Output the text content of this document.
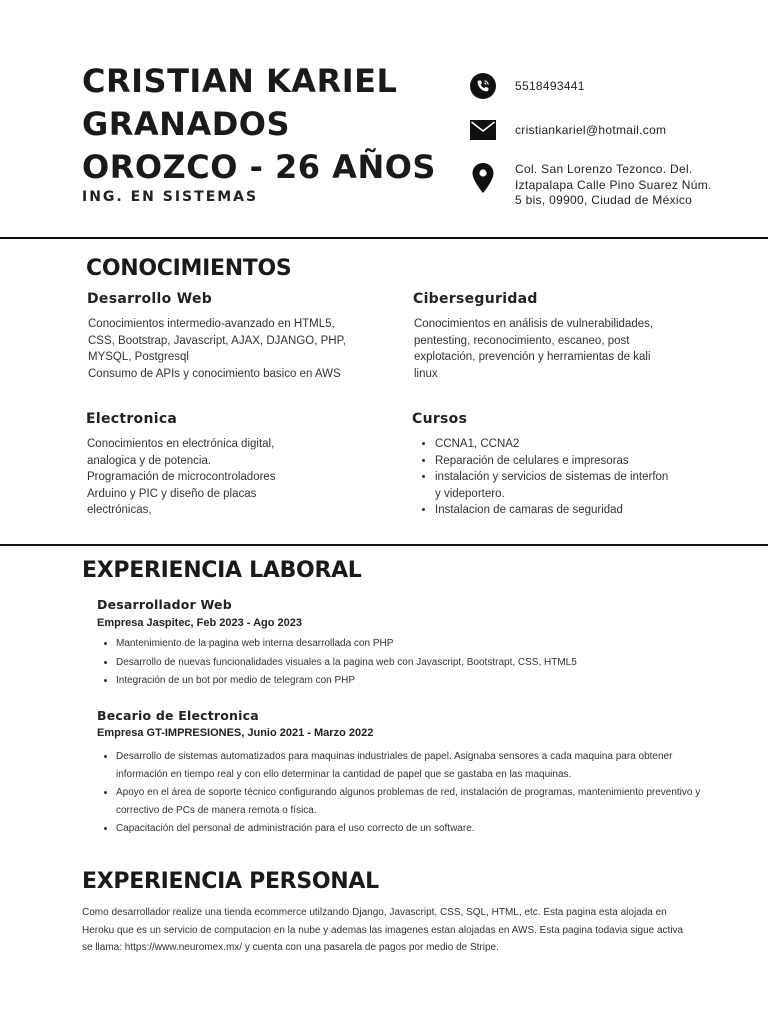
CRISTIAN KARIEL GRANADOS OROZCO - 26 AÑOS
ING. EN SISTEMAS
5518493441
cristiankariel@hotmail.com
Col. San Lorenzo Tezonco. Del. Iztapalapa Calle Pino Suarez Núm. 5 bis, 09900, Ciudad de México
CONOCIMIENTOS
Desarrollo Web

Conocimientos intermedio-avanzado en HTML5, CSS, Bootstrap, Javascript, AJAX, DJANGO, PHP, MYSQL, Postgresql
Consumo de APIs y conocimiento basico en AWS

Ciberseguridad

Conocimientos en análisis de vulnerabilidades, pentesting, reconocimiento, escaneo, post explotación, prevención y herramientas de kali linux

Electronica

Conocimientos en electrónica digital, analogica y de potencia.
Programación de microcontroladores Arduino y PIC y diseño de placas electrónicas,

Cursos
• CCNA1, CCNA2
• Reparación de celulares e impresoras
• instalación y servicios de sistemas de interfon y videportero.
• Instalacion de camaras de seguridad
EXPERIENCIA LABORAL
Desarrollador Web
Empresa Jaspitec, Feb 2023 - Ago 2023
• Mantenimiento de la pagina web interna desarrollada con PHP
• Desarrollo de nuevas funcionalidades visuales a la pagina web con Javascript, Bootstrapt, CSS, HTML5
• Integración de un bot por medio de telegram con PHP
Becario de Electronica
Empresa GT-IMPRESIONES, Junio 2021 - Marzo 2022
• Desarrollo de sistemas automatizados para maquinas industriales de papel. Asignaba sensores a cada maquina para obtener información en tiempo real y con ello determinar la cantidad de papel que se gastaba en las maquinas.
• Apoyo en el área de soporte técnico configurando algunos problemas de red, instalación de programas, mantenimiento preventivo y correctivo de PCs de manera remota o física.
• Capacitación del personal de administración para el uso correcto de un software.
EXPERIENCIA PERSONAL

Como desarrollador realize una tienda ecommerce utilzando Django, Javascript, CSS, SQL, HTML, etc. Esta pagina esta alojada en Heroku que es un servicio de computacion en la nube y ademas las imagenes estan alojadas en AWS. Esta pagina todavia sigue activa se llama: https://www.neuromex.mx/ y cuenta con una pasarela de pagos por medio de Stripe.
